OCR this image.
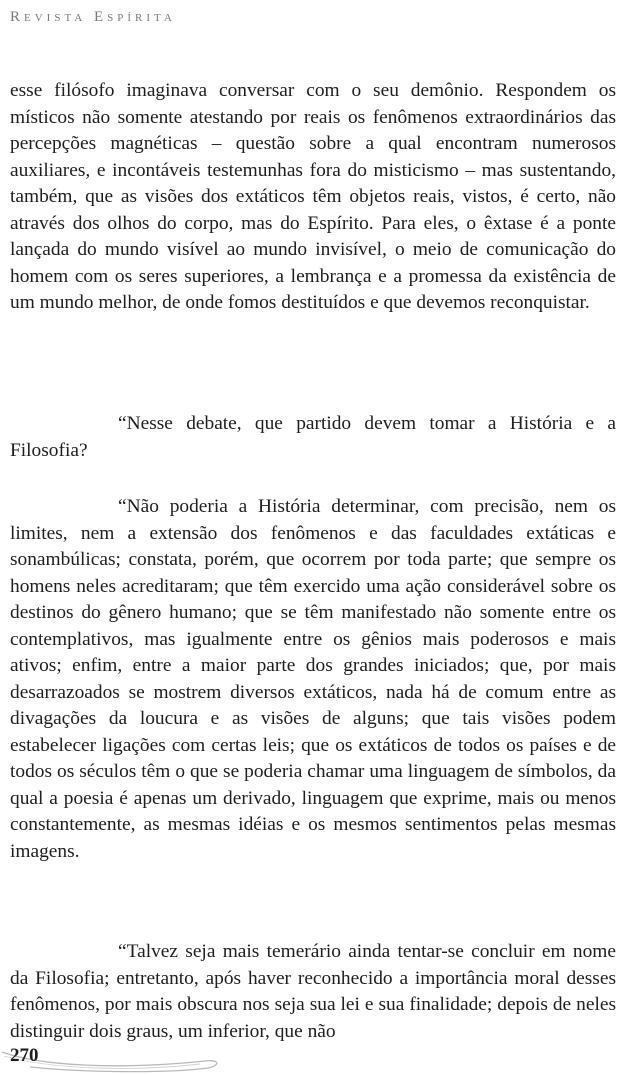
Revista Espírita

esse filósofo imaginava conversar com o seu demônio. Respondem os místicos não somente atestando por reais os fenômenos extraordinários das percepções magnéticas – questão sobre a qual encontram numerosos auxiliares, e incontáveis testemunhas fora do misticismo – mas sustentando, também, que as visões dos extáticos têm objetos reais, vistos, é certo, não através dos olhos do corpo, mas do Espírito. Para eles, o êxtase é a ponte lançada do mundo visível ao mundo invisível, o meio de comunicação do homem com os seres superiores, a lembrança e a promessa da existência de um mundo melhor, de onde fomos destituídos e que devemos reconquistar.

“Nesse debate, que partido devem tomar a História e a Filosofia?

“Não poderia a História determinar, com precisão, nem os limites, nem a extensão dos fenômenos e das faculdades extáticas e sonambúlicas; constata, porém, que ocorrem por toda parte; que sempre os homens neles acreditaram; que têm exercido uma ação considerável sobre os destinos do gênero humano; que se têm manifestado não somente entre os contemplativos, mas igualmente entre os gênios mais poderosos e mais ativos; enfim, entre a maior parte dos grandes iniciados; que, por mais desarrazoados se mostrem diversos extáticos, nada há de comum entre as divagações da loucura e as visões de alguns; que tais visões podem estabelecer ligações com certas leis; que os extáticos de todos os países e de todos os séculos têm o que se poderia chamar uma linguagem de símbolos, da qual a poesia é apenas um derivado, linguagem que exprime, mais ou menos constantemente, as mesmas idéias e os mesmos sentimentos pelas mesmas imagens.

“Talvez seja mais temerário ainda tentar-se concluir em nome da Filosofia; entretanto, após haver reconhecido a importância moral desses fenômenos, por mais obscura nos seja sua lei e sua finalidade; depois de neles distinguir dois graus, um inferior, que não

270
